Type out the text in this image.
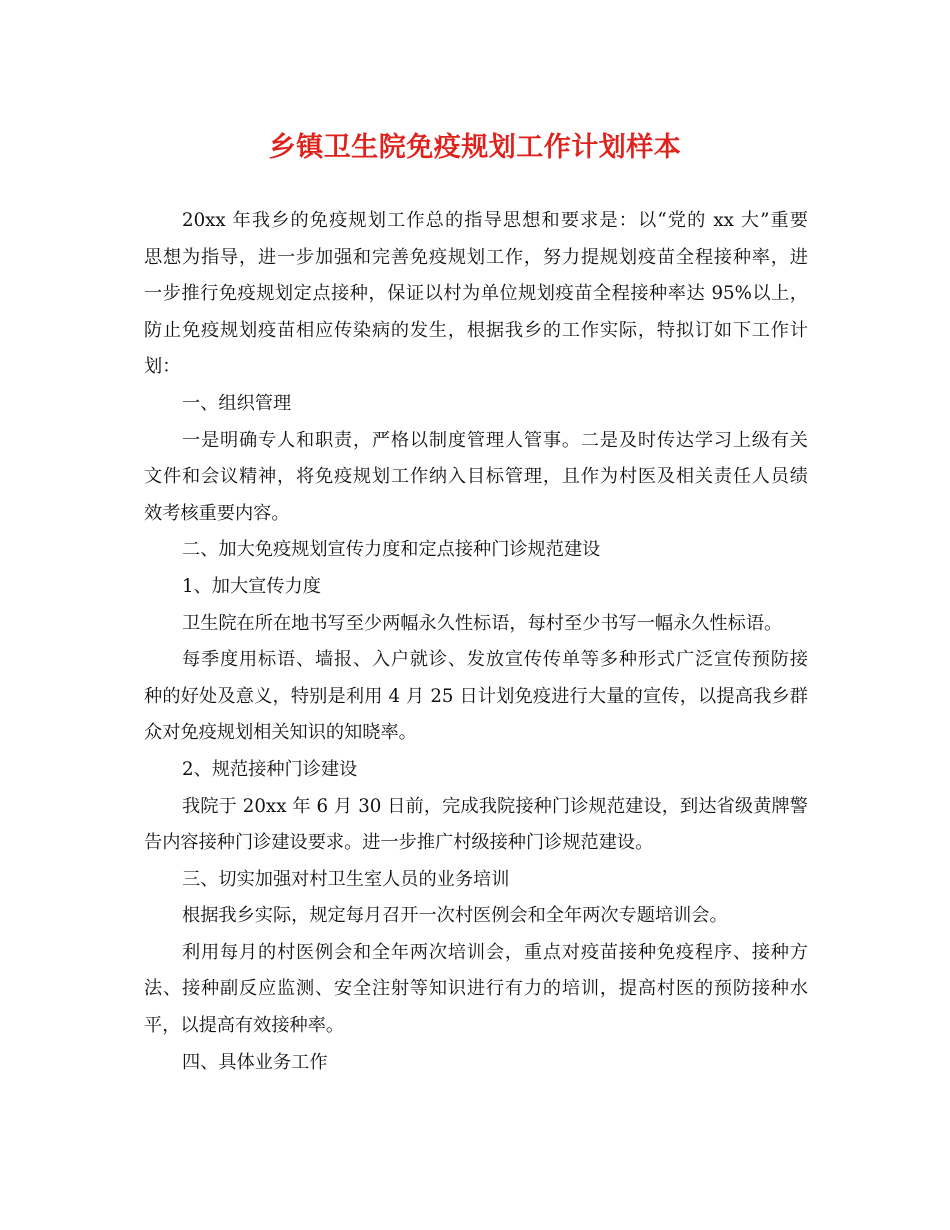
乡镇卫生院免疫规划工作计划样本
20xx 年我乡的免疫规划工作总的指导思想和要求是：以“党的 xx 大”重要
思想为指导，进一步加强和完善免疫规划工作，努力提规划疫苗全程接种率，进
一步推行免疫规划定点接种，保证以村为单位规划疫苗全程接种率达 95%以上，
防止免疫规划疫苗相应传染病的发生，根据我乡的工作实际，特拟订如下工作计
划：
一、组织管理
一是明确专人和职责，严格以制度管理人管事。二是及时传达学习上级有关
文件和会议精神，将免疫规划工作纳入目标管理，且作为村医及相关责任人员绩
效考核重要内容。
二、加大免疫规划宣传力度和定点接种门诊规范建设
1、加大宣传力度
卫生院在所在地书写至少两幅永久性标语，每村至少书写一幅永久性标语。
每季度用标语、墙报、入户就诊、发放宣传传单等多种形式广泛宣传预防接
种的好处及意义，特别是利用 4 月 25 日计划免疫进行大量的宣传，以提高我乡群
众对免疫规划相关知识的知晓率。
2、规范接种门诊建设
我院于 20xx 年 6 月 30 日前，完成我院接种门诊规范建设，到达省级黄牌警
告内容接种门诊建设要求。进一步推广村级接种门诊规范建设。
三、切实加强对村卫生室人员的业务培训
根据我乡实际，规定每月召开一次村医例会和全年两次专题培训会。
利用每月的村医例会和全年两次培训会，重点对疫苗接种免疫程序、接种方
法、接种副反应监测、安全注射等知识进行有力的培训，提高村医的预防接种水
平，以提高有效接种率。
四、具体业务工作
